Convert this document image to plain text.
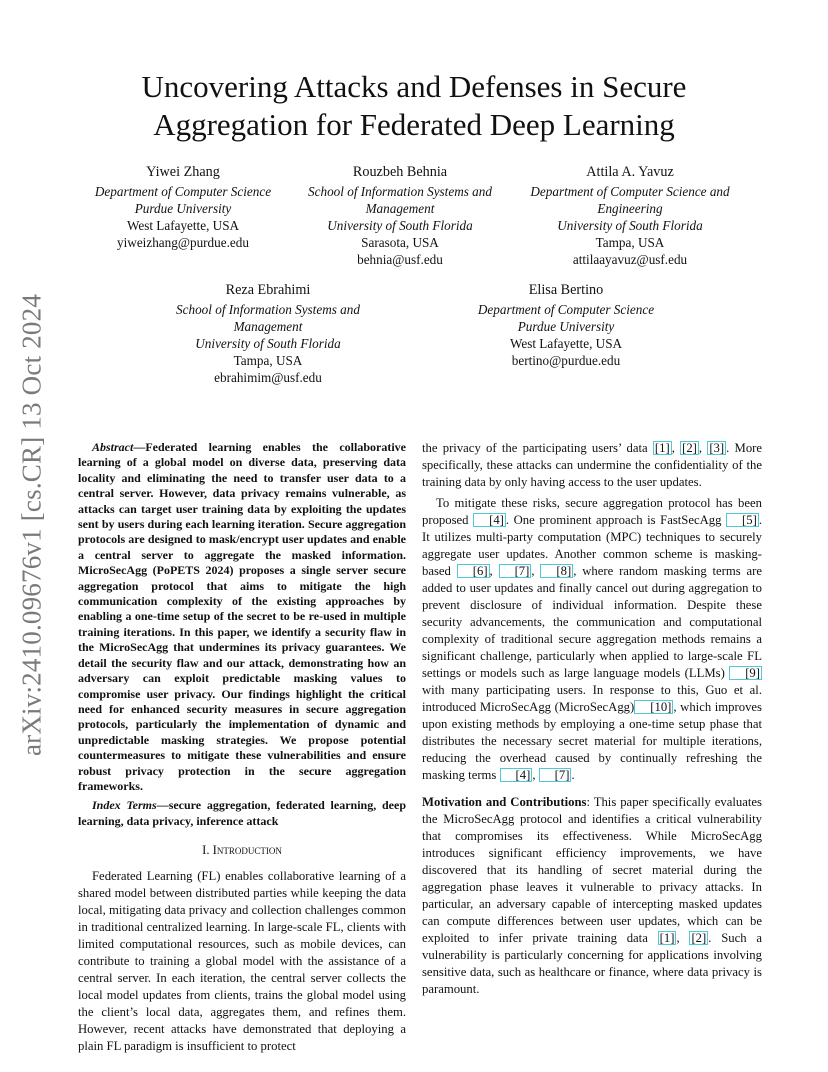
arXiv:2410.09676v1 [cs.CR] 13 Oct 2024
Uncovering Attacks and Defenses in Secure Aggregation for Federated Deep Learning
Yiwei Zhang
Department of Computer Science
Purdue University
West Lafayette, USA
yiweizhang@purdue.edu
Rouzbeh Behnia
School of Information Systems and Management
University of South Florida
Sarasota, USA
behnia@usf.edu
Attila A. Yavuz
Department of Computer Science and Engineering
University of South Florida
Tampa, USA
attilaayavuz@usf.edu
Reza Ebrahimi
School of Information Systems and Management
University of South Florida
Tampa, USA
ebrahimim@usf.edu
Elisa Bertino
Department of Computer Science
Purdue University
West Lafayette, USA
bertino@purdue.edu

Abstract—Federated learning enables the collaborative learning of a global model on diverse data, preserving data locality and eliminating the need to transfer user data to a central server. However, data privacy remains vulnerable, as attacks can target user training data by exploiting the updates sent by users during each learning iteration. Secure aggregation protocols are designed to mask/encrypt user updates and enable a central server to aggregate the masked information. MicroSecAgg (PoPETS 2024) proposes a single server secure aggregation protocol that aims to mitigate the high communication complexity of the existing approaches by enabling a one-time setup of the secret to be re-used in multiple training iterations. In this paper, we identify a security flaw in the MicroSecAgg that undermines its privacy guarantees. We detail the security flaw and our attack, demonstrating how an adversary can exploit predictable masking values to compromise user privacy. Our findings highlight the critical need for enhanced security measures in secure aggregation protocols, particularly the implementation of dynamic and unpredictable masking strategies. We propose potential countermeasures to mitigate these vulnerabilities and ensure robust privacy protection in the secure aggregation frameworks.

Index Terms—secure aggregation, federated learning, deep learning, data privacy, inference attack

I. Introduction

Federated Learning (FL) enables collaborative learning of a shared model between distributed parties while keeping the data local, mitigating data privacy and collection challenges common in traditional centralized learning. In large-scale FL, clients with limited computational resources, such as mobile devices, can contribute to training a global model with the assistance of a central server. In each iteration, the central server collects the local model updates from clients, trains the global model using the client’s local data, aggregates them, and refines them. However, recent attacks have demonstrated that deploying a plain FL paradigm is insufficient to protect

the privacy of the participating users’ data [1] , [2] , [3] . More specifically, these attacks can undermine the confidentiality of the training data by only having access to the user updates.

To mitigate these risks, secure aggregation protocol has been proposed [4] . One prominent approach is FastSecAgg [5] . It utilizes multi-party computation (MPC) techniques to securely aggregate user updates. Another common scheme is masking-based [6] , [7] , [8] , where random masking terms are added to user updates and finally cancel out during aggregation to prevent disclosure of individual information. Despite these security advancements, the communication and computational complexity of traditional secure aggregation methods remains a significant challenge, particularly when applied to large-scale FL settings or models such as large language models (LLMs) [9] with many participating users. In response to this, Guo et al. introduced MicroSecAgg (MicroSecAgg) [10] , which improves upon existing methods by employing a one-time setup phase that distributes the necessary secret material for multiple iterations, reducing the overhead caused by continually refreshing the masking terms [4] , [7] .

Motivation and Contributions: This paper specifically evaluates the MicroSecAgg protocol and identifies a critical vulnerability that compromises its effectiveness. While MicroSecAgg introduces significant efficiency improvements, we have discovered that its handling of secret material during the aggregation phase leaves it vulnerable to privacy attacks. In particular, an adversary capable of intercepting masked updates can compute differences between user updates, which can be exploited to infer private training data [1] , [2] . Such a vulnerability is particularly concerning for applications involving sensitive data, such as healthcare or finance, where data privacy is paramount.
